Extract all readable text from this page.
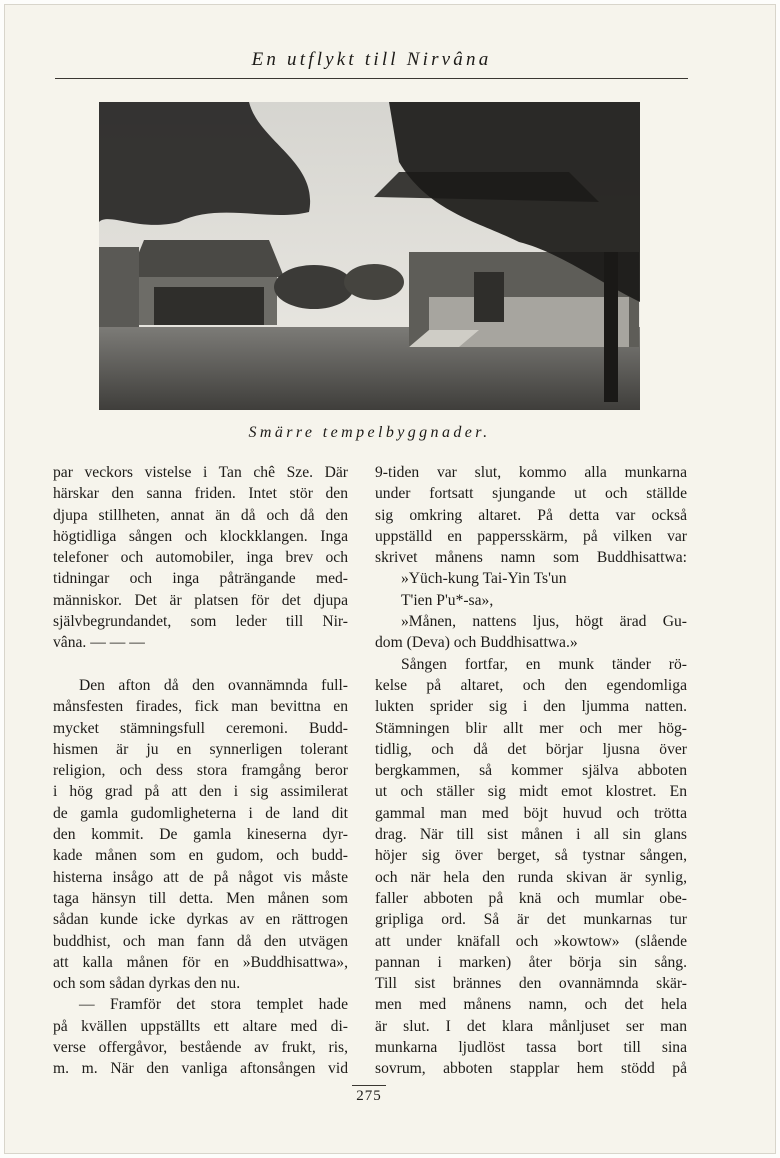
En utflykt till Nirvâna
Smärre tempelbyggnader.
par veckors vistelse i Tan chê Sze. Där
härskar den sanna friden. Intet stör den
djupa stillheten, annat än då och då den
högtidliga sången och klockklangen. Inga
telefoner och automobiler, inga brev och
tidningar och inga påträngande med-
människor. Det är platsen för det djupa
självbegrundandet, som leder till Nir-
vâna. — — —
Den afton då den ovannämnda full-
månsfesten firades, fick man bevittna en
mycket stämningsfull ceremoni. Budd-
hismen är ju en synnerligen tolerant
religion, och dess stora framgång beror
i hög grad på att den i sig assimilerat
de gamla gudomligheterna i de land dit
den kommit. De gamla kineserna dyr-
kade månen som en gudom, och budd-
histerna insågo att de på något vis måste
taga hänsyn till detta. Men månen som
sådan kunde icke dyrkas av en rättrogen
buddhist, och man fann då den utvägen
att kalla månen för en »Buddhisattwa»,
och som sådan dyrkas den nu.
— Framför det stora templet hade
på kvällen uppställts ett altare med di-
verse offergåvor, bestående av frukt, ris,
m. m. När den vanliga aftonsången vid
9-tiden var slut, kommo alla munkarna
under fortsatt sjungande ut och ställde
sig omkring altaret. På detta var också
uppställd en pappersskärm, på vilken var
skrivet månens namn som Buddhisattwa:
»Yüch-kung Tai-Yin Ts'un
T'ien P'u*-sa»,
»Månen, nattens ljus, högt ärad Gu-
dom (Deva) och Buddhisattwa.»
Sången fortfar, en munk tänder rö-
kelse på altaret, och den egendomliga
lukten sprider sig i den ljumma natten.
Stämningen blir allt mer och mer hög-
tidlig, och då det börjar ljusna över
bergkammen, så kommer själva abboten
ut och ställer sig midt emot klostret. En
gammal man med böjt huvud och trötta
drag. När till sist månen i all sin glans
höjer sig över berget, så tystnar sången,
och när hela den runda skivan är synlig,
faller abboten på knä och mumlar obe-
gripliga ord. Så är det munkarnas tur
att under knäfall och »kowtow» (slående
pannan i marken) åter börja sin sång.
Till sist brännes den ovannämnda skär-
men med månens namn, och det hela
är slut. I det klara månljuset ser man
munkarna ljudlöst tassa bort till sina
sovrum, abboten stapplar hem stödd på
275
